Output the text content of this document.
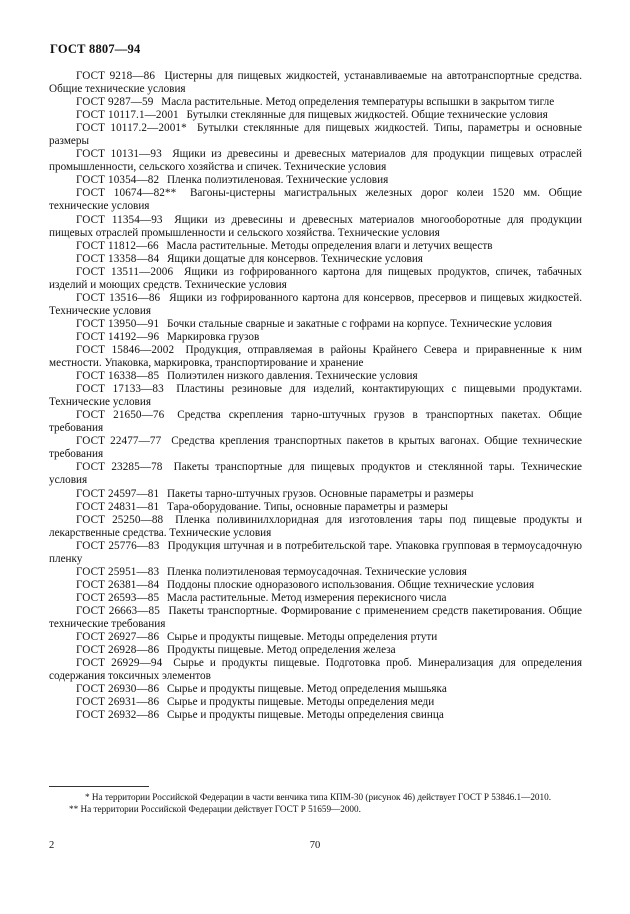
ГОСТ 8807—94

ГОСТ 9218—86 Цистерны для пищевых жидкостей, устанавливаемые на автотранспортные средства. Общие технические условия

ГОСТ 9287—59 Масла растительные. Метод определения температуры вспышки в закрытом тигле

ГОСТ 10117.1—2001 Бутылки стеклянные для пищевых жидкостей. Общие технические условия

ГОСТ 10117.2—2001* Бутылки стеклянные для пищевых жидкостей. Типы, параметры и основные размеры

ГОСТ 10131—93 Ящики из древесины и древесных материалов для продукции пищевых отраслей промышленности, сельского хозяйства и спичек. Технические условия

ГОСТ 10354—82 Пленка полиэтиленовая. Технические условия

ГОСТ 10674—82** Вагоны-цистерны магистральных железных дорог колеи 1520 мм. Общие технические условия

ГОСТ 11354—93 Ящики из древесины и древесных материалов многооборотные для продукции пищевых отраслей промышленности и сельского хозяйства. Технические условия

ГОСТ 11812—66 Масла растительные. Методы определения влаги и летучих веществ

ГОСТ 13358—84 Ящики дощатые для консервов. Технические условия

ГОСТ 13511—2006 Ящики из гофрированного картона для пищевых продуктов, спичек, табачных изделий и моющих средств. Технические условия

ГОСТ 13516—86 Ящики из гофрированного картона для консервов, пресервов и пищевых жидкостей. Технические условия

ГОСТ 13950—91 Бочки стальные сварные и закатные с гофрами на корпусе. Технические условия

ГОСТ 14192—96 Маркировка грузов

ГОСТ 15846—2002 Продукция, отправляемая в районы Крайнего Севера и приравненные к ним местности. Упаковка, маркировка, транспортирование и хранение

ГОСТ 16338—85 Полиэтилен низкого давления. Технические условия

ГОСТ 17133—83 Пластины резиновые для изделий, контактирующих с пищевыми продуктами. Технические условия

ГОСТ 21650—76 Средства скрепления тарно-штучных грузов в транспортных пакетах. Общие требования

ГОСТ 22477—77 Средства крепления транспортных пакетов в крытых вагонах. Общие технические требования

ГОСТ 23285—78 Пакеты транспортные для пищевых продуктов и стеклянной тары. Технические условия

ГОСТ 24597—81 Пакеты тарно-штучных грузов. Основные параметры и размеры

ГОСТ 24831—81 Тара-оборудование. Типы, основные параметры и размеры

ГОСТ 25250—88 Пленка поливинилхлоридная для изготовления тары под пищевые продукты и лекарственные средства. Технические условия

ГОСТ 25776—83 Продукция штучная и в потребительской таре. Упаковка групповая в термоусадочную пленку

ГОСТ 25951—83 Пленка полиэтиленовая термоусадочная. Технические условия

ГОСТ 26381—84 Поддоны плоские одноразового использования. Общие технические условия

ГОСТ 26593—85 Масла растительные. Метод измерения перекисного числа

ГОСТ 26663—85 Пакеты транспортные. Формирование с применением средств пакетирования. Общие технические требования

ГОСТ 26927—86 Сырье и продукты пищевые. Методы определения ртути

ГОСТ 26928—86 Продукты пищевые. Метод определения железа

ГОСТ 26929—94 Сырье и продукты пищевые. Подготовка проб. Минерализация для определения содержания токсичных элементов

ГОСТ 26930—86 Сырье и продукты пищевые. Метод определения мышьяка

ГОСТ 26931—86 Сырье и продукты пищевые. Методы определения меди

ГОСТ 26932—86 Сырье и продукты пищевые. Методы определения свинца

* На территории Российской Федерации в части венчика типа КПМ-30 (рисунок 46) действует ГОСТ Р 53846.1—2010.

** На территории Российской Федерации действует ГОСТ Р 51659—2000.

2	70
